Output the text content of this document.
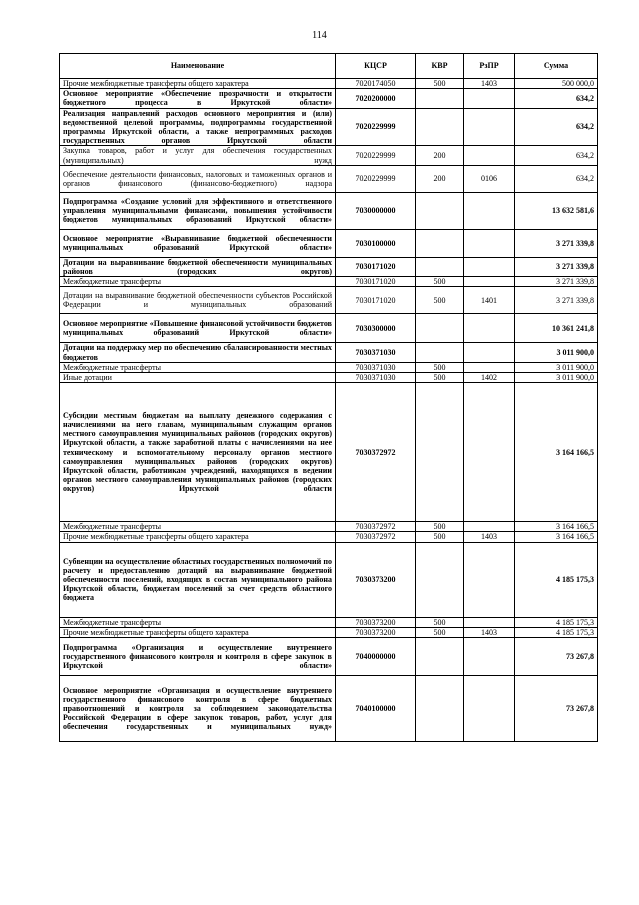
114
Наименование	КЦСР	КВР	РзПР	Сумма
Прочие межбюджетные трансферты общего характера	7020174050	500	1403	500 000,0
Основное мероприятие «Обеспечение прозрачности и открытости бюджетного процесса в Иркутской области»	7020200000			634,2
Реализация направлений расходов основного мероприятия и (или) ведомственной целевой программы, подпрограммы государственной программы Иркутской области, а также непрограммных расходов государственных органов Иркутской области	7020229999			634,2
Закупка товаров, работ и услуг для обеспечения государственных (муниципальных) нужд	7020229999	200		634,2
Обеспечение деятельности финансовых, налоговых и таможенных органов и органов финансового (финансово-бюджетного) надзора	7020229999	200	0106	634,2
Подпрограмма «Создание условий для эффективного и ответственного управления муниципальными финансами, повышения устойчивости бюджетов муниципальных образований Иркутской области»	7030000000			13 632 581,6
Основное мероприятие «Выравнивание бюджетной обеспеченности муниципальных образований Иркутской области»	7030100000			3 271 339,8
Дотации на выравнивание бюджетной обеспеченности муниципальных районов (городских округов)	7030171020			3 271 339,8
Межбюджетные трансферты	7030171020	500		3 271 339,8
Дотации на выравнивание бюджетной обеспеченности субъектов Российской Федерации и муниципальных образований	7030171020	500	1401	3 271 339,8
Основное мероприятие «Повышение финансовой устойчивости бюджетов муниципальных образований Иркутской области»	7030300000			10 361 241,8
Дотации на поддержку мер по обеспечению сбалансированности местных бюджетов	7030371030			3 011 900,0
Межбюджетные трансферты	7030371030	500		3 011 900,0
Иные дотации	7030371030	500	1402	3 011 900,0
Субсидии местным бюджетам на выплату денежного содержания с начислениями на него главам, муниципальным служащим органов местного самоуправления муниципальных районов (городских округов) Иркутской области, а также заработной платы с начислениями на нее техническому и вспомогательному персоналу органов местного самоуправления муниципальных районов (городских округов) Иркутской области, работникам учреждений, находящихся в ведении органов местного самоуправления муниципальных районов (городских округов) Иркутской области	7030372972			3 164 166,5
Межбюджетные трансферты	7030372972	500		3 164 166,5
Прочие межбюджетные трансферты общего характера	7030372972	500	1403	3 164 166,5
Субвенции на осуществление областных государственных полномочий по расчету и предоставлению дотаций на выравнивание бюджетной обеспеченности поселений, входящих в состав муниципального района Иркутской области, бюджетам поселений за счет средств областного бюджета	7030373200			4 185 175,3
Межбюджетные трансферты	7030373200	500		4 185 175,3
Прочие межбюджетные трансферты общего характера	7030373200	500	1403	4 185 175,3
Подпрограмма «Организация и осуществление внутреннего государственного финансового контроля и контроля в сфере закупок в Иркутской области»	7040000000			73 267,8
Основное мероприятие «Организация и осуществление внутреннего государственного финансового контроля в сфере бюджетных правоотношений и контроля за соблюдением законодательства Российской Федерации в сфере закупок товаров, работ, услуг для обеспечения государственных и муниципальных нужд»	7040100000			73 267,8
